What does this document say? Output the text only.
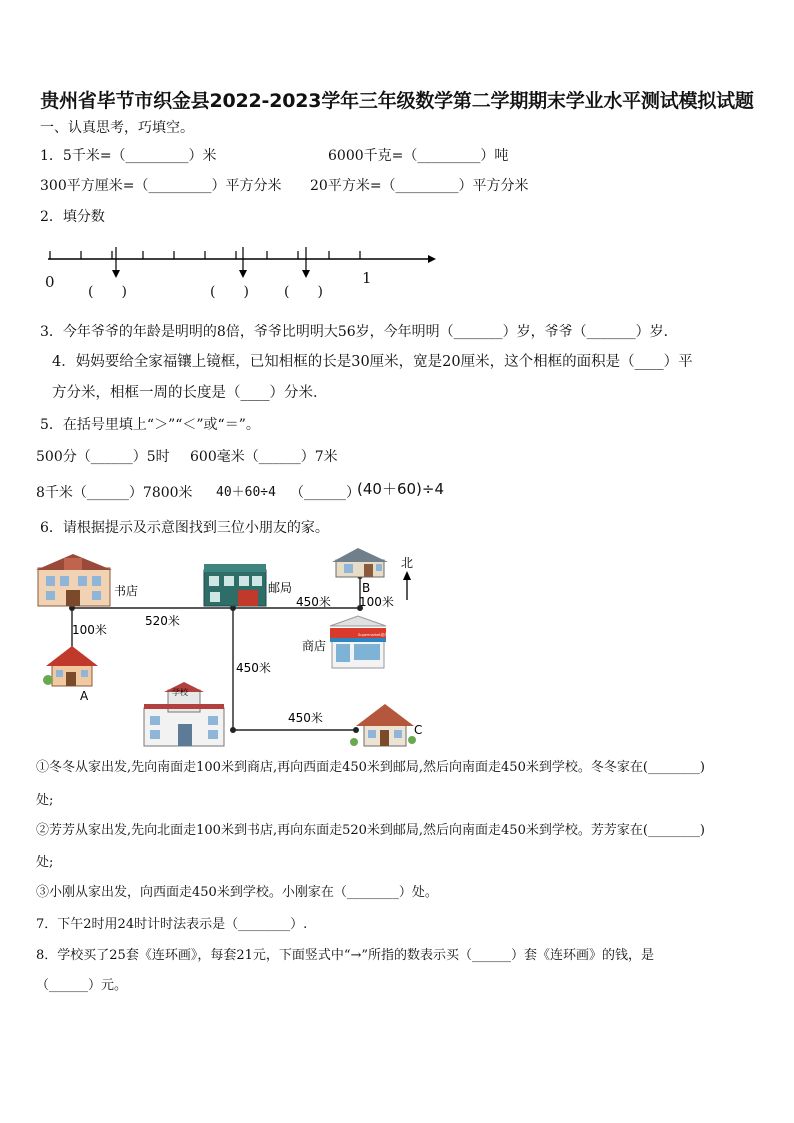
贵州省毕节市织金县2022-2023学年三年级数学第二学期期末学业水平测试模拟试题
一、认真思考，巧填空。
1．5千米=（_________）米	6000千克=（_________）吨
300平方厘米=（_________）平方分米 20平方米=（_________）平方分米
2．填分数
0	1
(　　)	(　　)	(　　)
3．今年爷爷的年龄是明明的8倍，爷爷比明明大56岁，今年明明（_______）岁，爷爷（_______）岁．
4．妈妈要给全家福镶上镜框，已知相框的长是30厘米，宽是20厘米，这个相框的面积是（____）平
方分米，相框一周的长度是（____）分米．
5．在括号里填上“＞”“＜”或“＝”。
500分（______）5时 600毫米（______）7米
8千米（______）7800米 40＋60÷4 （______）
(40＋60)÷4
6．请根据提示及示意图找到三位小朋友的家。
书店	邮局
商店
学校
北
A
B
C
520米
450米 100米
100米
450米
450米
Supermarket超市
①冬冬从家出发,先向南面走100米到商店,再向西面走450米到邮局,然后向南面走450米到学校。冬冬家在(________)
处;
②芳芳从家出发,先向北面走100米到书店,再向东面走520米到邮局,然后向南面走450米到学校。芳芳家在(________)
处;
③小刚从家出发，向西面走450米到学校。小刚家在（________）处。
7．下午2时用24时计时法表示是（________）.
8．学校买了25套《连环画》，每套21元，下面竖式中“→”所指的数表示买（______）套《连环画》的钱，是
（______）元。
